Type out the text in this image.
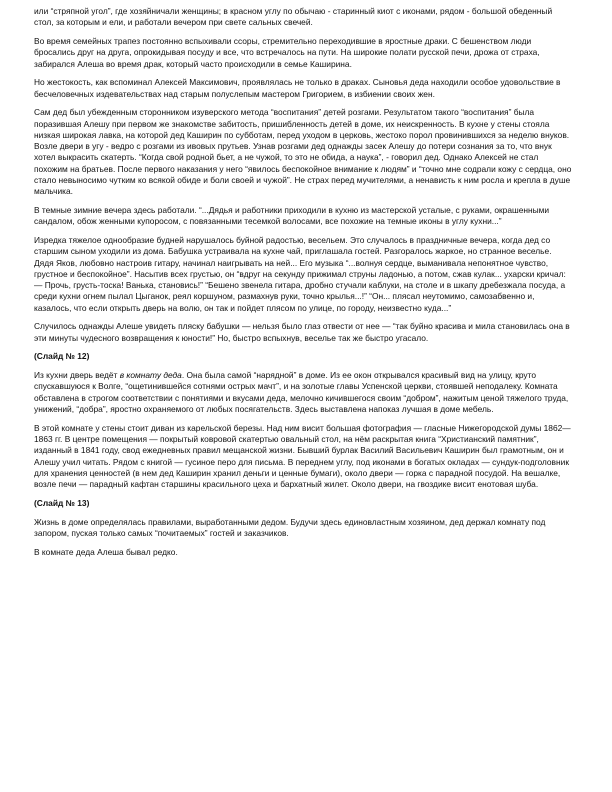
или “стряпной угол”, где хозяйничали женщины; в красном углу по обычаю - старинный киот с иконами, рядом - большой обеденный стол, за которым и ели, и работали вечером при свете сальных свечей.

Во время семейных трапез постоянно вспыхивали ссоры, стремительно переходившие в яростные драки. С бешенством люди бросались друг на друга, опрокидывая посуду и все, что встречалось на пути. На широкие полати русской печи, дрожа от страха, забирался Алеша во время драк, который часто происходили в семье Каширина.

Но жестокость, как вспоминал Алексей Максимович, проявлялась не только в драках. Сыновья деда находили особое удовольствие в бесчеловечных издевательствах над старым полуслепым мастером Григорием, в избиении своих жен.

Сам дед был убежденным сторонником изуверского метода “воспитания” детей розгами. Результатом такого “воспитания” была поразившая Алешу при первом же знакомстве забитость, пришибленность детей в доме, их неискренность. В кухне у стены стояла низкая широкая лавка, на которой дед Каширин по субботам, перед уходом в церковь, жестоко порол провинившихся за неделю внуков. Возле двери в угу - ведро с розгами из ивовых прутьев. Узнав розгами дед однажды засек Алешу до потери сознания за то, что внук хотел выкрасить скатерть. “Когда свой родной бьет, а не чужой, то это не обида, а наука”, - говорил дед. Однако Алексей не стал похожим на братьев. После первого наказания у него “явилось беспокойное внимание к людям” и “точно мне содрали кожу с сердца, оно стало невыносимо чутким ко всякой обиде и боли своей и чужой”. Не страх перед мучителями, а ненависть к ним росла и крепла в душе мальчика.

В темные зимние вечера здесь работали. “...Дядья и работники приходили в кухню из мастерской усталые, с руками, окрашенными сандалом, обож женными купоросом, с повязанными тесемкой волосами, все похожие на темные иконы в углу кухни...”

Изредка тяжелое однообразие будней нарушалось буйной радостью, весельем. Это случалось в праздничные вечера, когда дед со старшим сыном уходили из дома. Бабушка устраивала на кухне чай, приглашала гостей. Разгоралось жаркое, но странное веселье. Дядя Яков, любовно настроив гитару, начинал наигрывать на ней... Его музыка “...волнуя сердце, выманивала непонятное чувство, грустное и беспокойное”. Насытив всех грустью, он “вдруг на секунду прижимал струны ладонью, а потом, сжав кулак... ухарски кричал: — Прочь, грусть-тоска! Ванька, становись!” “Бешено звенела гитара, дробно стучали каблуки, на столе и в шкапу дребезжала посуда, а среди кухни огнем пылал Цыганок, реял коршуном, размахнув руки, точно крылья...!” “Он... плясал неутомимо, самозабвенно и, казалось, что если открыть дверь на волю, он так и пойдет плясом по улице, по городу, неизвестно куда...”

Случилось однажды Алеше увидеть пляску бабушки — нельзя было глаз отвести от нее — “так буйно красива и мила становилась она в эти минуты чудесного возвращения к юности!” Но, быстро вспыхнув, веселье так же быстро угасало.

(Слайд № 12)

Из кухни дверь ведёт в комнату деда. Она была самой “нарядной” в доме. Из ее окон открывался красивый вид на улицу, круто спускавшуюся к Волге, “ощетинившейся сотнями острых мачт”, и на золотые главы Успенской церкви, стоявшей неподалеку. Комната обставлена в строгом соответствии с понятиями и вкусами деда, мелочно кичившегося своим “добром”, нажитым ценой тяжелого труда, унижений, “добра”, яростно охраняемого от любых посягательств. Здесь выставлена напоказ лучшая в доме мебель.

В этой комнате у стены стоит диван из карельской березы. Над ним висит большая фотография — гласные Нижегородской думы 1862—1863 гг. В центре помещения — покрытый ковровой скатертью овальный стол, на нём раскрытая книга “Христианский памятник”, изданный в 1841 году, свод ежедневных правил мещанской жизни. Бывший бурлак Василий Васильевич Каширин был грамотным, он и Алешу учил читать. Рядом с книгой — гусиное перо для письма. В переднем углу, под иконами в богатых окладах — сундук-подголовник для хранения ценностей (в нем дед Каширин хранил деньги и ценные бумаги), около двери — горка с парадной посудой. На вешалке, возле печи — парадный кафтан старшины красильного цеха и бархатный жилет. Около двери, на гвоздике висит енотовая шуба.

(Слайд № 13)

Жизнь в доме определялась правилами, выработанными дедом. Будучи здесь единовластным хозяином, дед держал комнату под запором, пуская только самых “почитаемых” гостей и заказчиков.

В комнате деда Алеша бывал редко.
